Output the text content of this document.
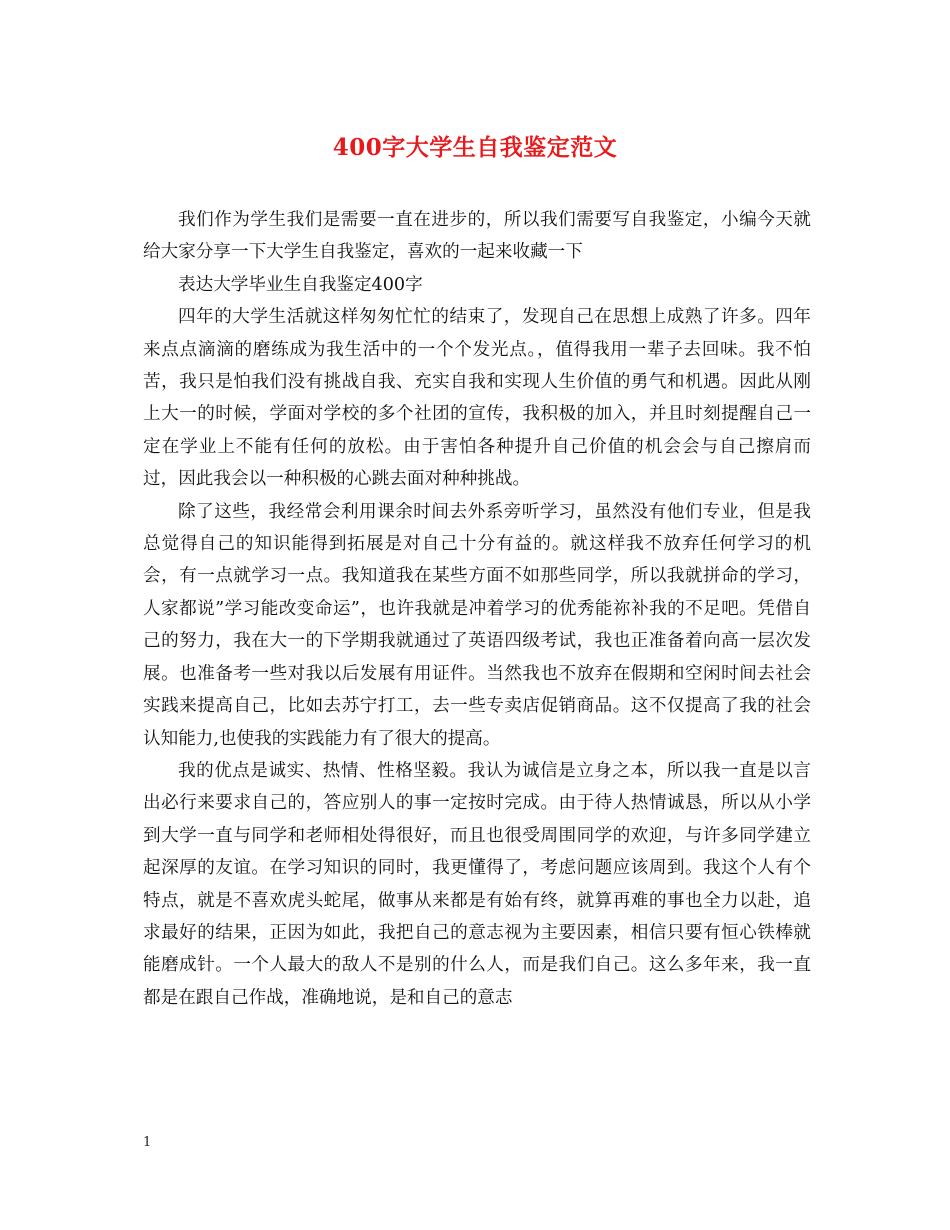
400字大学生自我鉴定范文

我们作为学生我们是需要一直在进步的，所以我们需要写自我鉴定，小编今天就给大家分享一下大学生自我鉴定，喜欢的一起来收藏一下

表达大学毕业生自我鉴定400字

四年的大学生活就这样匆匆忙忙的结束了，发现自己在思想上成熟了许多。四年来点点滴滴的磨练成为我生活中的一个个发光点。，值得我用一辈子去回味。我不怕苦，我只是怕我们没有挑战自我、充实自我和实现人生价值的勇气和机遇。因此从刚上大一的时候，学面对学校的多个社团的宣传，我积极的加入，并且时刻提醒自己一定在学业上不能有任何的放松。由于害怕各种提升自己价值的机会会与自己擦肩而过，因此我会以一种积极的心跳去面对种种挑战。

除了这些，我经常会利用课余时间去外系旁听学习，虽然没有他们专业，但是我总觉得自己的知识能得到拓展是对自己十分有益的。就这样我不放弃任何学习的机会，有一点就学习一点。我知道我在某些方面不如那些同学，所以我就拼命的学习，人家都说”学习能改变命运”，也许我就是冲着学习的优秀能祢补我的不足吧。凭借自己的努力，我在大一的下学期我就通过了英语四级考试，我也正准备着向高一层次发展。也准备考一些对我以后发展有用证件。当然我也不放弃在假期和空闲时间去社会实践来提高自己，比如去苏宁打工，去一些专卖店促销商品。这不仅提高了我的社会认知能力,也使我的实践能力有了很大的提高。

我的优点是诚实、热情、性格坚毅。我认为诚信是立身之本，所以我一直是以言出必行来要求自己的，答应别人的事一定按时完成。由于待人热情诚恳，所以从小学到大学一直与同学和老师相处得很好，而且也很受周围同学的欢迎，与许多同学建立起深厚的友谊。在学习知识的同时，我更懂得了，考虑问题应该周到。我这个人有个特点，就是不喜欢虎头蛇尾，做事从来都是有始有终，就算再难的事也全力以赴，追求最好的结果，正因为如此，我把自己的意志视为主要因素，相信只要有恒心铁棒就能磨成针。一个人最大的敌人不是别的什么人，而是我们自己。这么多年来，我一直都是在跟自己作战，准确地说，是和自己的意志

1
